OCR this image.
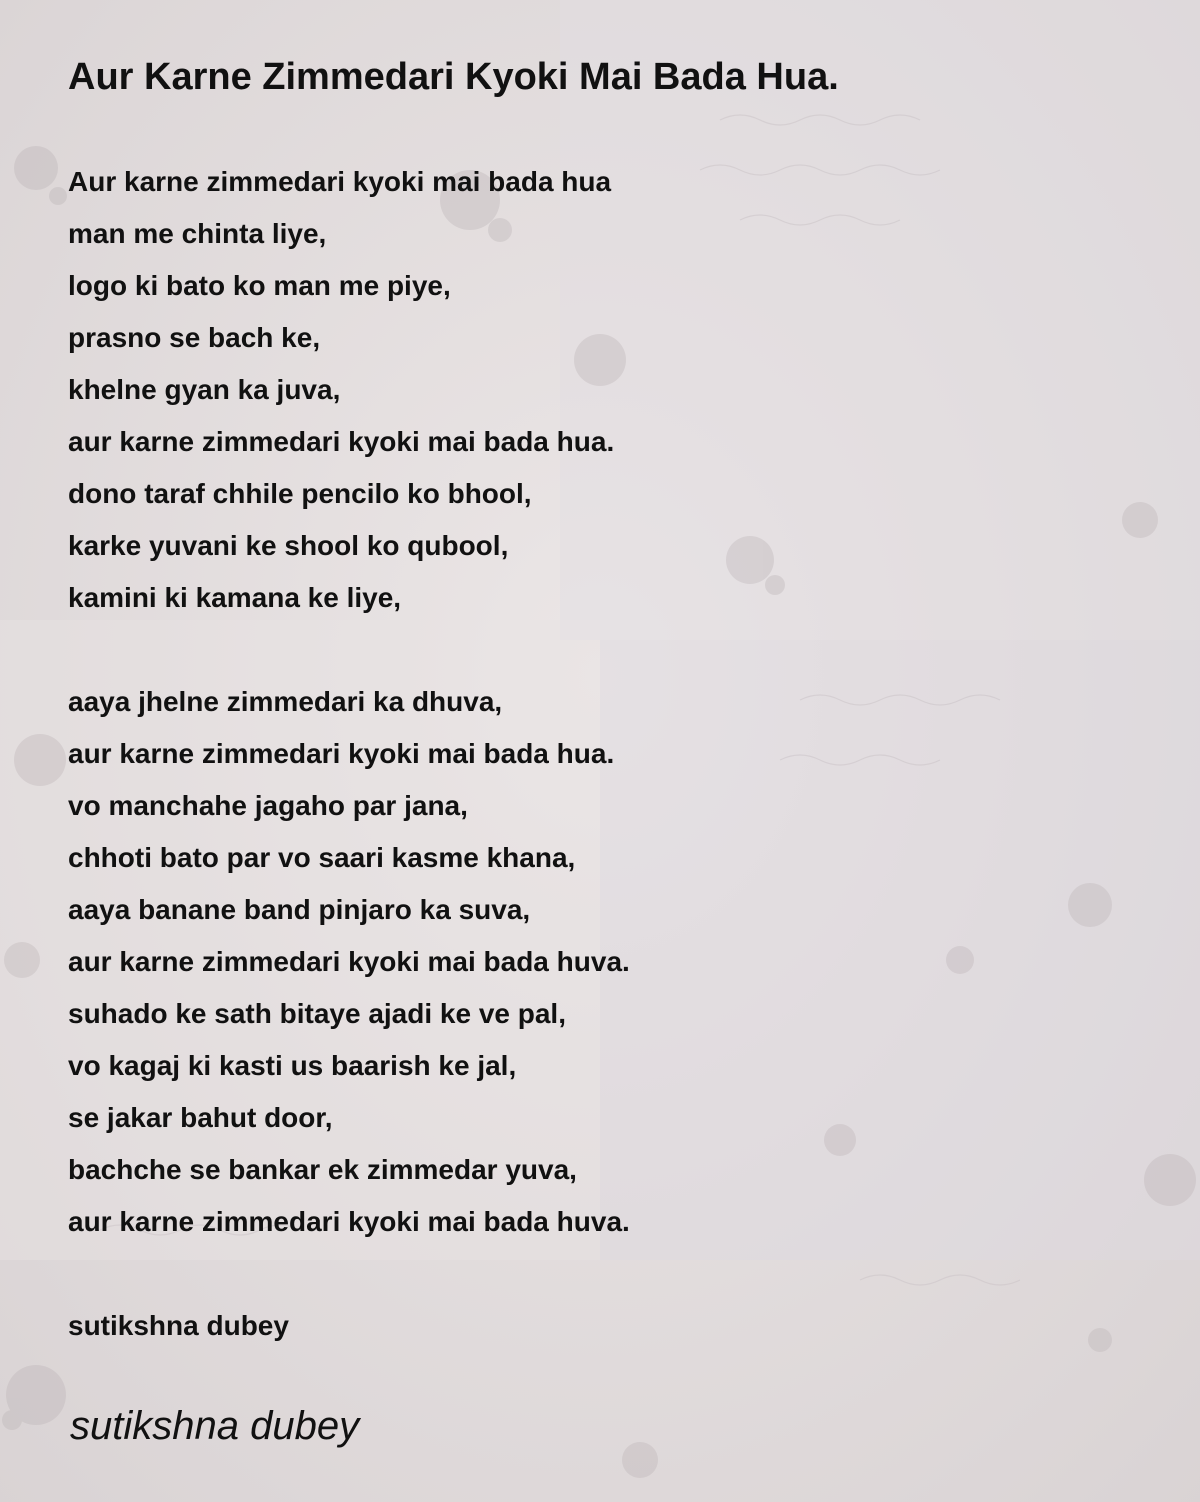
Aur Karne Zimmedari Kyoki Mai Bada Hua.
Aur karne zimmedari kyoki mai bada hua
man me chinta liye,
logo ki bato ko man me piye,
prasno se bach ke,
khelne gyan ka juva,
aur karne zimmedari kyoki mai bada hua.
dono taraf chhile pencilo ko bhool,
karke yuvani ke shool ko qubool,
kamini ki kamana ke liye,
aaya jhelne zimmedari ka dhuva,
aur karne zimmedari kyoki mai bada hua.
vo manchahe jagaho par jana,
chhoti bato par vo saari kasme khana,
aaya banane band pinjaro ka suva,
aur karne zimmedari kyoki mai bada huva.
suhado ke sath bitaye ajadi ke ve pal,
vo kagaj ki kasti us baarish ke jal,
se jakar bahut door,
bachche se bankar ek zimmedar yuva,
aur karne zimmedari kyoki mai bada huva.
sutikshna dubey
sutikshna dubey
